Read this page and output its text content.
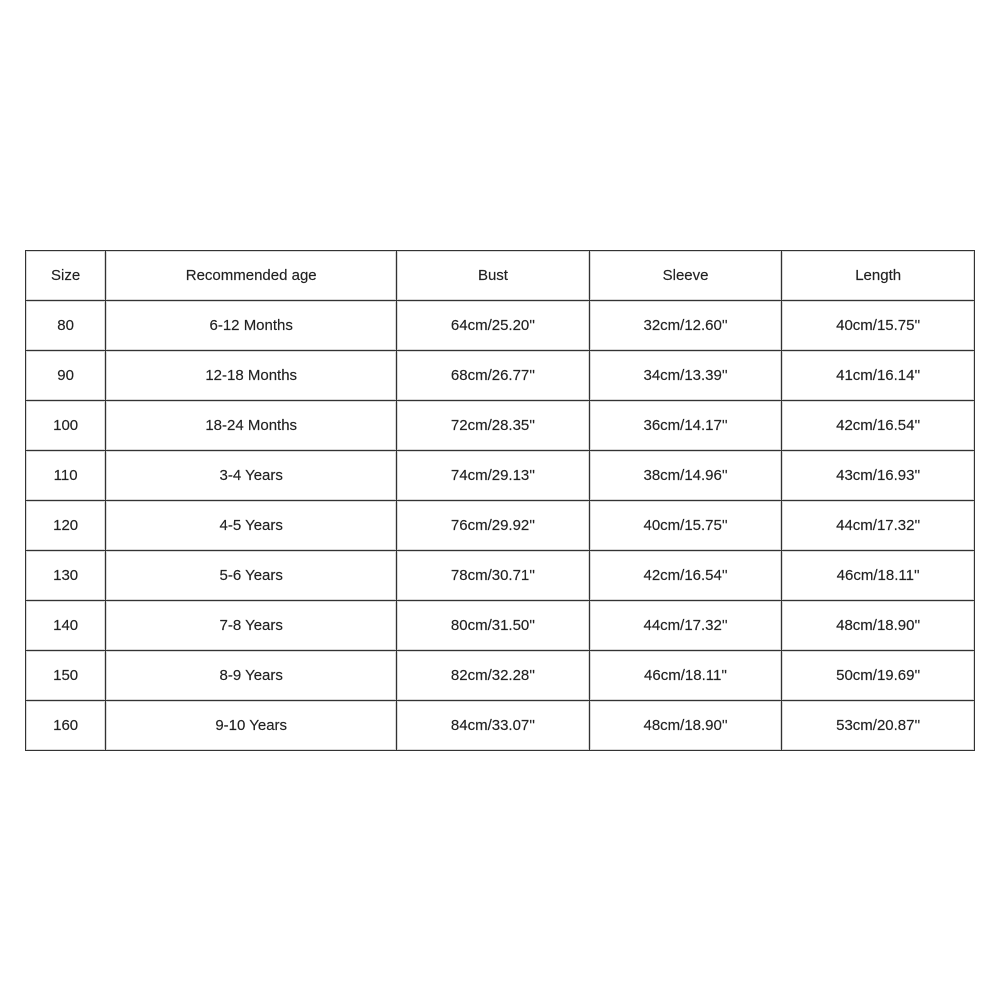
Size	Recommended age	Bust	Sleeve	Length
80	6-12 Months	64cm/25.20''	32cm/12.60''	40cm/15.75''
90	12-18 Months	68cm/26.77''	34cm/13.39''	41cm/16.14''
100	18-24 Months	72cm/28.35''	36cm/14.17''	42cm/16.54''
110	3-4 Years	74cm/29.13''	38cm/14.96''	43cm/16.93''
120	4-5 Years	76cm/29.92''	40cm/15.75''	44cm/17.32''
130	5-6 Years	78cm/30.71''	42cm/16.54''	46cm/18.11''
140	7-8 Years	80cm/31.50''	44cm/17.32''	48cm/18.90''
150	8-9 Years	82cm/32.28''	46cm/18.11''	50cm/19.69''
160	9-10 Years	84cm/33.07''	48cm/18.90''	53cm/20.87''
